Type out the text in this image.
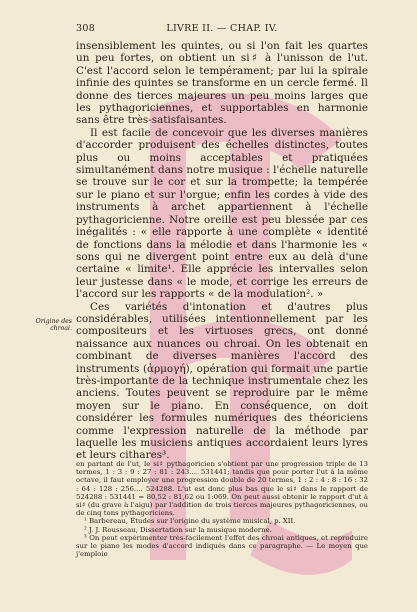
308	LIVRE II. — CHAP. IV.
Origine des chroai.

insensiblement les quintes, ou si l'on fait les quartes un peu fortes, on obtient un si♯ à l'unisson de l'ut. C'est l'accord selon le tempérament; par lui la spirale infinie des quintes se transforme en un cercle fermé. Il donne des tierces majeures un peu moins larges que les pythagoriciennes, et supportables en harmonie sans être très-satisfaisantes.

Il est facile de concevoir que les diverses manières d'accorder produisent des échelles distinctes, toutes plus ou moins acceptables et pratiquées simultanément dans notre musique : l'échelle naturelle se trouve sur le cor et sur la trompette; la tempérée sur le piano et sur l'orgue; enfin les cordes à vide des instruments à archet appartiennent à l'échelle pythagoricienne. Notre oreille est peu blessée par ces inégalités : « elle rapporte à une complète « identité de fonctions dans la mélodie et dans l'harmonie les « sons qui ne divergent point entre eux au delà d'une certaine « limite¹. Elle apprécie les intervalles selon leur justesse dans « le mode, et corrige les erreurs de l'accord sur les rapports « de la modulation². »

Ces variétés d'intonation et d'autres plus considérables, utilisées intentionnellement par les compositeurs et les virtuoses grecs, ont donné naissance aux nuances ou chroai. On les obtenait en combinant de diverses manières l'accord des instruments (ἁρμογή), opération qui formait une partie très-importante de la technique instrumentale chez les anciens. Toutes peuvent se reproduire par le même moyen sur le piano. En conséquence, on doit considérer les formules numériques des théoriciens comme l'expression naturelle de la méthode par laquelle les musiciens antiques accordaient leurs lyres et leurs cithares³.

en partant de l'ut, le si♯ pythagoricien s'obtient par une progression triple de 13 termes, 1 : 3 : 9 : 27 : 81 : 243.... 531441; tandis que pour porter l'ut à la même octave, il faut employer une progression double de 20 termes, 1 : 2 : 4 : 8 : 16 : 32 : 64 : 128 : 256.... 524288. L'ut est donc plus bas que le si♯ dans le rapport de 524288 : 531441 = 80,52 : 81,62 ou 1:069. On peut aussi obtenir le rapport d'ut à si♯ (du grave à l'aigu) par l'addition de trois tierces majeures pythagoriciennes, ou de cinq tons pythagoriciens.

¹ Barbereau, Études sur l'origine du système musical, p. XII.

² J. J. Rousseau, Dissertation sur la musique moderne.

³ On peut expérimenter très-facilement l'effet des chroai antiques, et reproduire sur le piano les modes d'accord indiqués dans ce paragraphe. — Le moyen que j'emploie
